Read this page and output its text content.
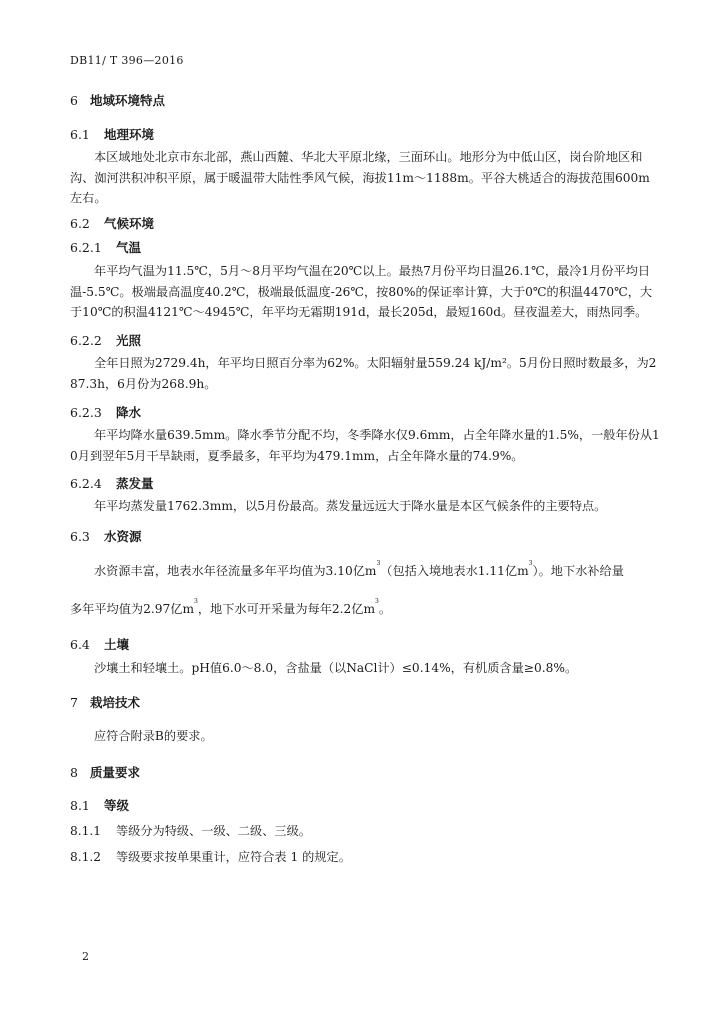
DB11/ T 396—2016
6 地域环境特点
6.1 地理环境
本区域地处北京市东北部，燕山西麓、华北大平原北缘，三面环山。地形分为中低山区，岗台阶地区和沟、洳河洪积冲积平原，属于暖温带大陆性季风气候，海拔11m～1188m。平谷大桃适合的海拔范围600m左右。
6.2 气候环境
6.2.1 气温
年平均气温为11.5℃，5月～8月平均气温在20℃以上。最热7月份平均日温26.1℃，最冷1月份平均日温-5.5℃。极端最高温度40.2℃，极端最低温度-26℃，按80%的保证率计算，大于0℃的积温4470℃，大于10℃的积温4121℃～4945℃，年平均无霜期191d，最长205d，最短160d。昼夜温差大，雨热同季。
6.2.2 光照
全年日照为2729.4h，年平均日照百分率为62%。太阳辐射量559.24 kJ/m²。5月份日照时数最多，为287.3h，6月份为268.9h。
6.2.3 降水
年平均降水量639.5mm。降水季节分配不均，冬季降水仅9.6mm，占全年降水量的1.5%，一般年份从10月到翌年5月干旱缺雨，夏季最多，年平均为479.1mm，占全年降水量的74.9%。
6.2.4 蒸发量
年平均蒸发量1762.3mm，以5月份最高。蒸发量远远大于降水量是本区气候条件的主要特点。
6.3 水资源
水资源丰富，地表水年径流量多年平均值为3.10亿$m^3$（包括入境地表水1.11亿$m^3$）。地下水补给量
多年平均值为2.97亿$m^3$，地下水可开采量为每年2.2亿$m^3$。
6.4 土壤
沙壤土和轻壤土。pH值6.0～8.0，含盐量（以NaCl计）≤0.14%，有机质含量≥0.8%。
7 栽培技术
应符合附录B的要求。
8 质量要求
8.1 等级
8.1.1 等级分为特级、一级、二级、三级。
8.1.2 等级要求按单果重计，应符合表 1 的规定。
2
